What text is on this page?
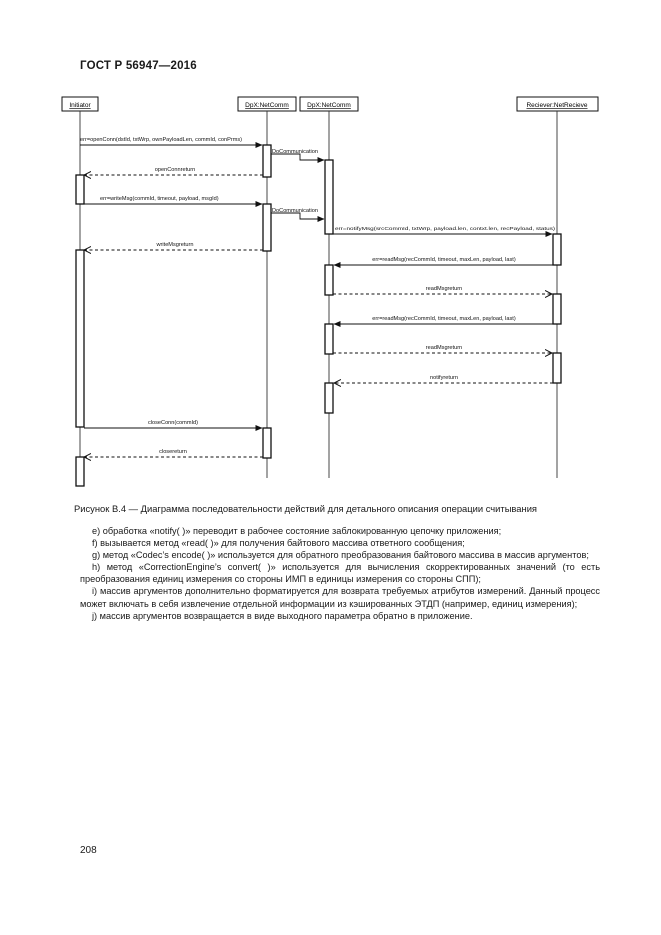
ГОСТ Р 56947—2016
Initiator	DpX:NetComm	DpX:NetComm	Reciever:NetRecieve
err=openConn(dstId, txtWrp, ownPayloadLen, commId, conPrms)
DoCommunication
openConnreturn
err=writeMsg(commId, timeout, payload, msgId)
DoCommunication
err=notifyMsg(srcCommId, txtWrp, payload.len, contxt.len, recPayload, status)
writeMsgreturn
err=readMsg(recCommId, timeout, maxLen, payload, last)
readMsgreturn
err=readMsg(recCommId, timeout, maxLen, payload, last)
readMsgreturn
notifyreturn
closeConn(commId)
closereturn
Рисунок В.4 — Диаграмма последовательности действий для детального описания операции считывания

e) обработка «notify( )» переводит в рабочее состояние заблокированную цепочку приложения;

f) вызывается метод «read( )» для получения байтового массива ответного сообщения;

g) метод «Codec’s encode( )» используется для обратного преобразования байтового массива в массив аргументов;

h) метод «CorrectionEngine’s convert( )» используется для вычисления скорректированных значений (то есть преобразования единиц измерения со стороны ИМП в единицы измерения со стороны СПП);

i) массив аргументов дополнительно форматируется для возврата требуемых атрибутов измерений. Данный процесс может включать в себя извлечение отдельной информации из кэшированных ЭТДП (например, единиц измерения);

j) массив аргументов возвращается в виде выходного параметра обратно в приложение.

208
